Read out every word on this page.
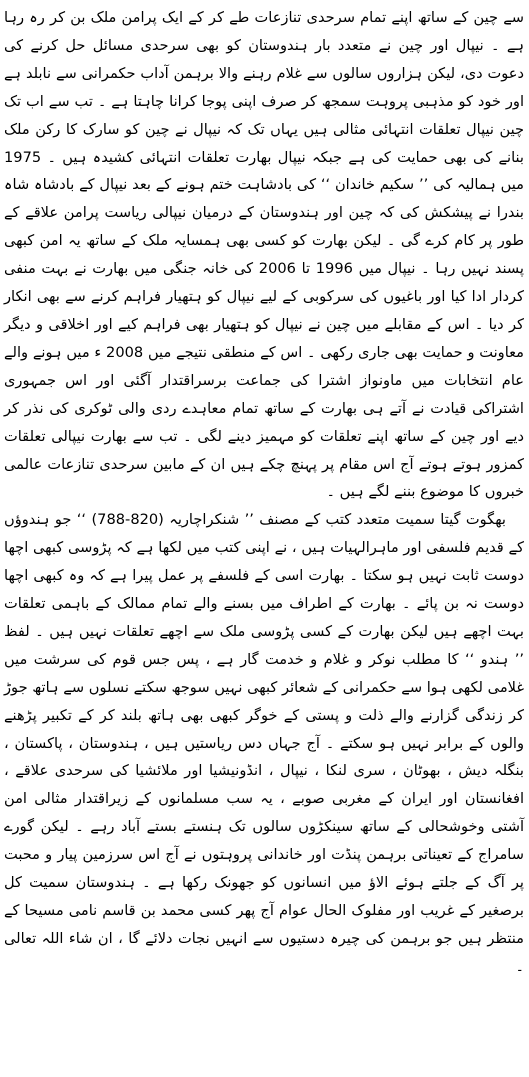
سے چین کے ساتھ اپنے تمام سرحدی تنازعات طے کر کے ایک پرامن ملک بن کر رہ رہا ہے ۔ نیپال اور چین نے متعدد بار ہندوستان کو بھی سرحدی مسائل حل کرنے کی دعوت دی، لیکن ہزاروں سالوں سے غلام رہنے والا برہمن آداب حکمرانی سے نابلد ہے اور خود کو مذہبی پروہت سمجھ کر صرف اپنی پوجا کرانا چاہتا ہے ۔ تب سے اب تک چین نیپال تعلقات انتہائی مثالی ہیں یہاں تک کہ نیپال نے چین کو سارک کا رکن ملک بنانے کی بھی حمایت کی ہے جبکہ نیپال بھارت تعلقات انتہائی کشیدہ ہیں ۔ 1975 میں ہمالیہ کی ’’ سکیم خاندان ‘‘ کی بادشاہت ختم ہونے کے بعد نیپال کے بادشاہ شاہ بندرا نے پیشکش کی کہ چین اور ہندوستان کے درمیان نیپالی ریاست پرامن علاقے کے طور پر کام کرے گی ۔ لیکن بھارت کو کسی بھی ہمسایہ ملک کے ساتھ یہ امن کبھی پسند نہیں رہا ۔ نیپال میں 1996 تا 2006 کی خانہ جنگی میں بھارت نے بہت منفی کردار ادا کیا اور باغیوں کی سرکوبی کے لیے نیپال کو ہتھیار فراہم کرنے سے بھی انکار کر دیا ۔ اس کے مقابلے میں چین نے نیپال کو ہتھیار بھی فراہم کیے اور اخلاقی و دیگر معاونت و حمایت بھی جاری رکھی ۔ اس کے منطقی نتیجے میں 2008 ء میں ہونے والے عام انتخابات میں ماونواز اشترا کی جماعت برسراقتدار آگئی اور اس جمہوری اشتراکی قیادت نے آتے ہی بھارت کے ساتھ تمام معاہدے ردی والی ٹوکری کی نذر کر دیے اور چین کے ساتھ اپنے تعلقات کو مہمیز دینے لگی ۔ تب سے بھارت نیپالی تعلقات کمزور ہوتے ہوتے آج اس مقام پر پہنچ چکے ہیں ان کے مابین سرحدی تنازعات عالمی خبروں کا موضوع بننے لگے ہیں ۔

بھگوت گیتا سمیت متعدد کتب کے مصنف ’’ شنکراچاریہ (820-788) ‘‘ جو ہندوؤں کے قدیم فلسفی اور ماہرالہیات ہیں ، نے اپنی کتب میں لکھا ہے کہ پڑوسی کبھی اچھا دوست ثابت نہیں ہو سکتا ۔ بھارت اسی کے فلسفے پر عمل پیرا ہے کہ وہ کبھی اچھا دوست نہ بن پائے ۔ بھارت کے اطراف میں بسنے والے تمام ممالک کے باہمی تعلقات بہت اچھے ہیں لیکن بھارت کے کسی پڑوسی ملک سے اچھے تعلقات نہیں ہیں ۔ لفظ ’’ ہندو ‘‘ کا مطلب نوکر و غلام و خدمت گار ہے ، پس جس قوم کی سرشت میں غلامی لکھی ہوا سے حکمرانی کے شعائر کبھی نہیں سوجھ سکتے نسلوں سے ہاتھ جوڑ کر زندگی گزارنے والے ذلت و پستی کے خوگر کبھی بھی ہاتھ بلند کر کے تکبیر پڑھنے والوں کے برابر نہیں ہو سکتے ۔ آج جہاں دس ریاستیں ہیں ، ہندوستان ، پاکستان ، بنگلہ دیش ، بھوٹان ، سری لنکا ، نیپال ، انڈونیشیا اور ملائشیا کی سرحدی علاقے ، افغانستان اور ایران کے مغربی صوبے ، یہ سب مسلمانوں کے زیراقتدار مثالی امن آشتی وخوشحالی کے ساتھ سینکڑوں سالوں تک ہنستے بستے آباد رہے ۔ لیکن گورے سامراج کے تعیناتی برہمن پنڈت اور خاندانی پروہتوں نے آج اس سرزمین پیار و محبت پر آگ کے جلتے ہوئے الاؤ میں انسانوں کو جھونک رکھا ہے ۔ ہندوستان سمیت کل برصغیر کے غریب اور مفلوک الحال عوام آج پھر کسی محمد بن قاسم نامی مسیحا کے منتظر ہیں جو برہمن کی چیرہ دستیوں سے انہیں نجات دلائے گا ، ان شاء اللہ تعالی ۔
